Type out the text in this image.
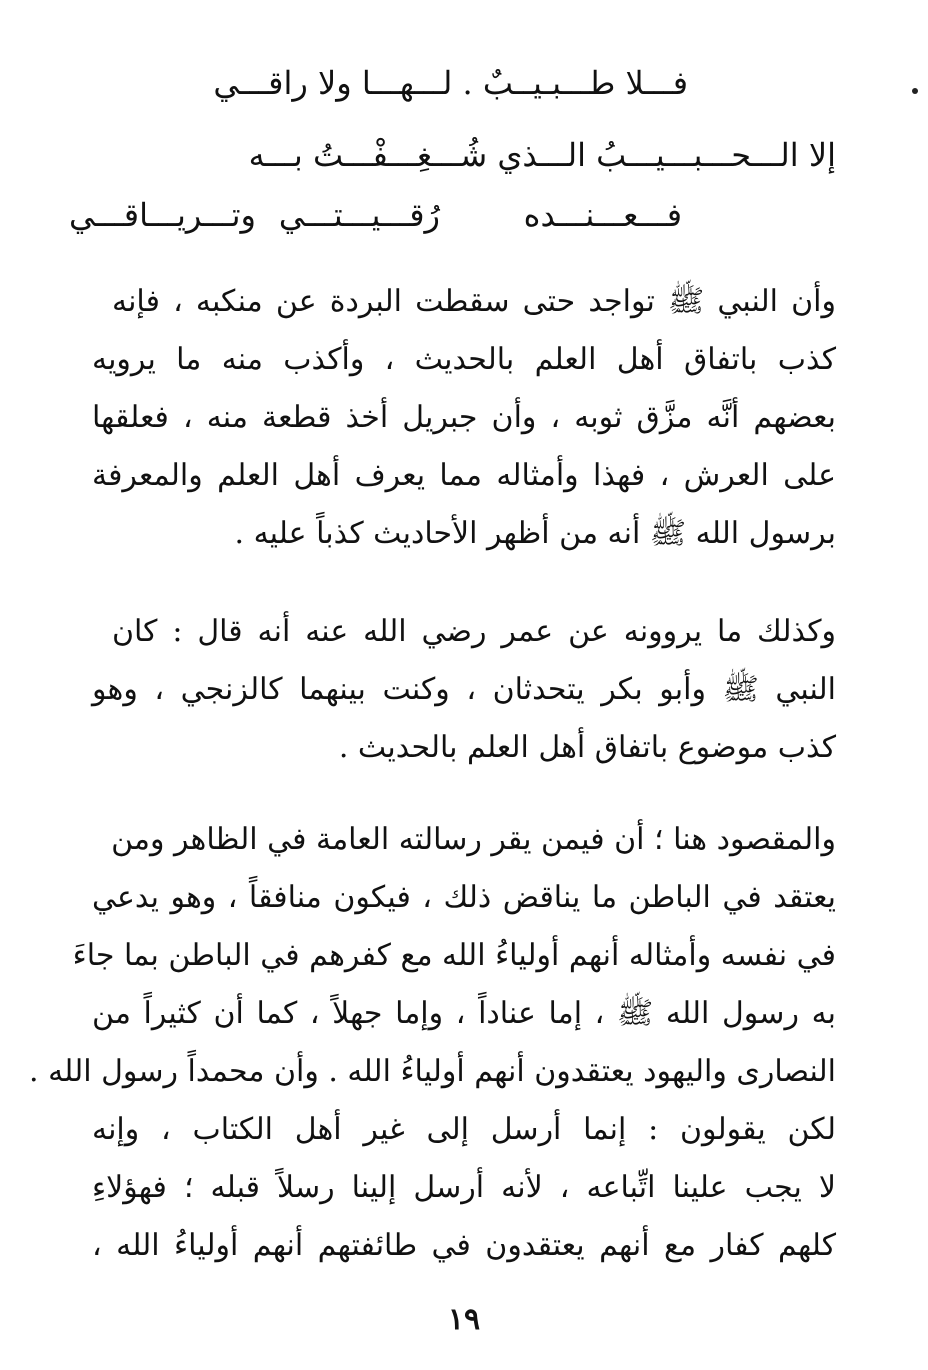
فـــلا طـــبـيــبٌ . لـــهـــا ولا راقـــي
إلا الـــحـــبـــيـــبُ الـــذي شُـــغِـــفْـــتُ بـــه
فـــعـــنـــده
رُقـــيـــتـــي
وتـــريـــاقـــي
وأن النبي ﷺ تواجد حتى سقطت البردة عن منكبه ، فإنه
كذب باتفاق أهل العلم بالحديث ، وأكذب منه ما يرويه
بعضهم أنَّه مزَّق ثوبه ، وأن جبريل أخذ قطعة منه ، فعلقها
على العرش ، فهذا وأمثاله مما يعرف أهل العلم والمعرفة
برسول الله ﷺ أنه من أظهر الأحاديث كذباً عليه .
وكذلك ما يروونه عن عمر رضي الله عنه أنه قال : كان
النبي ﷺ وأبو بكر يتحدثان ، وكنت بينهما كالزنجي ، وهو
كذب موضوع باتفاق أهل العلم بالحديث .
والمقصود هنا ؛ أن فيمن يقر رسالته العامة في الظاهر ومن
يعتقد في الباطن ما يناقض ذلك ، فيكون منافقاً ، وهو يدعي
في نفسه وأمثاله أنهم أولياءُ الله مع كفرهم في الباطن بما جاءَ
به رسول الله ﷺ ، إما عناداً ، وإما جهلاً ، كما أن كثيراً من
النصارى واليهود يعتقدون أنهم أولياءُ الله . وأن محمداً رسول الله .
لكن يقولون : إنما أرسل إلى غير أهل الكتاب ، وإنه
لا يجب علينا اتِّباعه ، لأنه أرسل إلينا رسلاً قبله ؛ فهؤلاءِ
كلهم كفار مع أنهم يعتقدون في طائفتهم أنهم أولياءُ الله ،
١٩
